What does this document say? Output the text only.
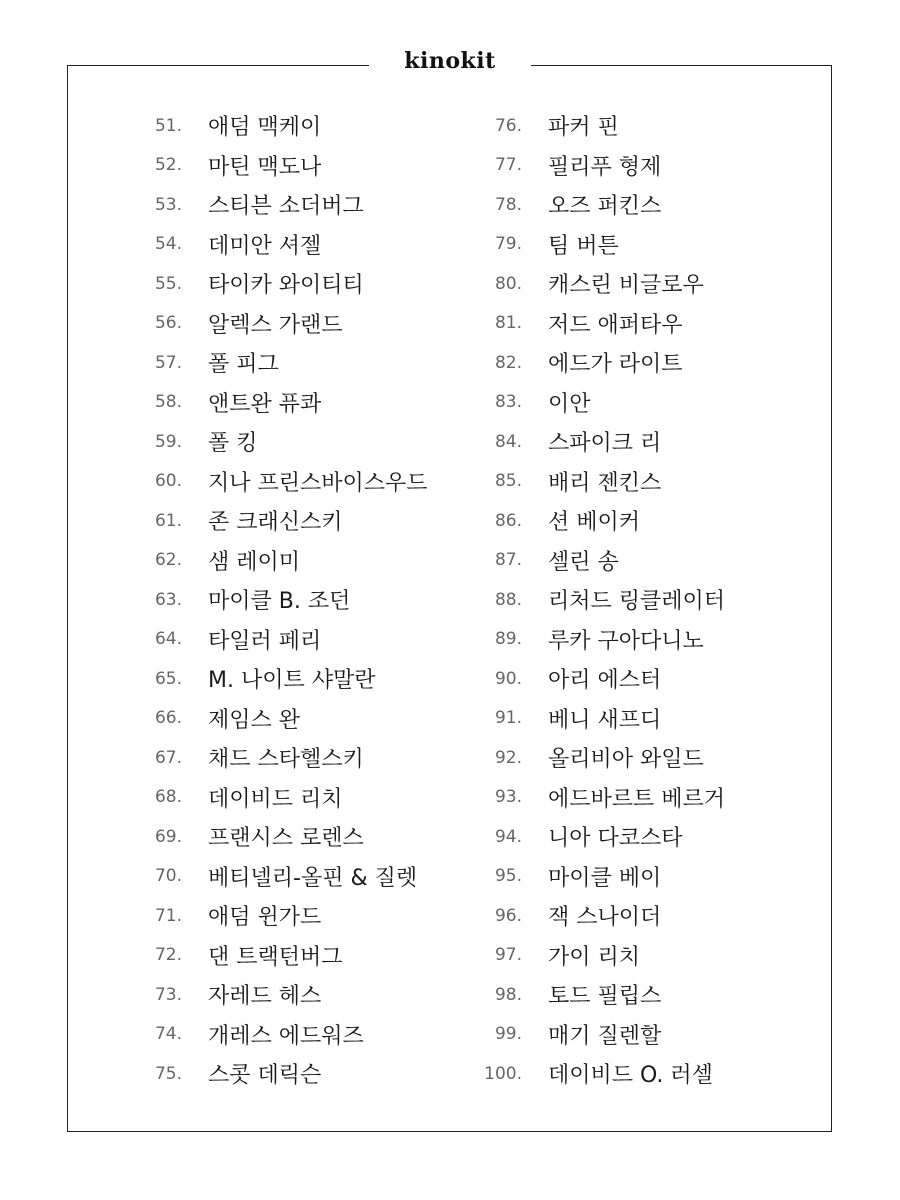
kinokit
51. 애덤 맥케이
52. 마틴 맥도나
53. 스티븐 소더버그
54. 데미안 셔젤
55. 타이카 와이티티
56. 알렉스 가랜드
57. 폴 피그
58. 앤트완 퓨콰
59. 폴 킹
60. 지나 프린스바이스우드
61. 존 크래신스키
62. 샘 레이미
63. 마이클 B. 조던
64. 타일러 페리
65. M. 나이트 샤말란
66. 제임스 완
67. 채드 스타헬스키
68. 데이비드 리치
69. 프랜시스 로렌스
70. 베티넬리-올핀 & 질렛
71. 애덤 윈가드
72. 댄 트랙턴버그
73. 자레드 헤스
74. 개레스 에드워즈
75. 스콧 데릭슨
76. 파커 핀
77. 필리푸 형제
78. 오즈 퍼킨스
79. 팀 버튼
80. 캐스린 비글로우
81. 저드 애퍼타우
82. 에드가 라이트
83. 이안
84. 스파이크 리
85. 배리 젠킨스
86. 션 베이커
87. 셀린 송
88. 리처드 링클레이터
89. 루카 구아다니노
90. 아리 에스터
91. 베니 새프디
92. 올리비아 와일드
93. 에드바르트 베르거
94. 니아 다코스타
95. 마이클 베이
96. 잭 스나이더
97. 가이 리치
98. 토드 필립스
99. 매기 질렌할
100. 데이비드 O. 러셀
